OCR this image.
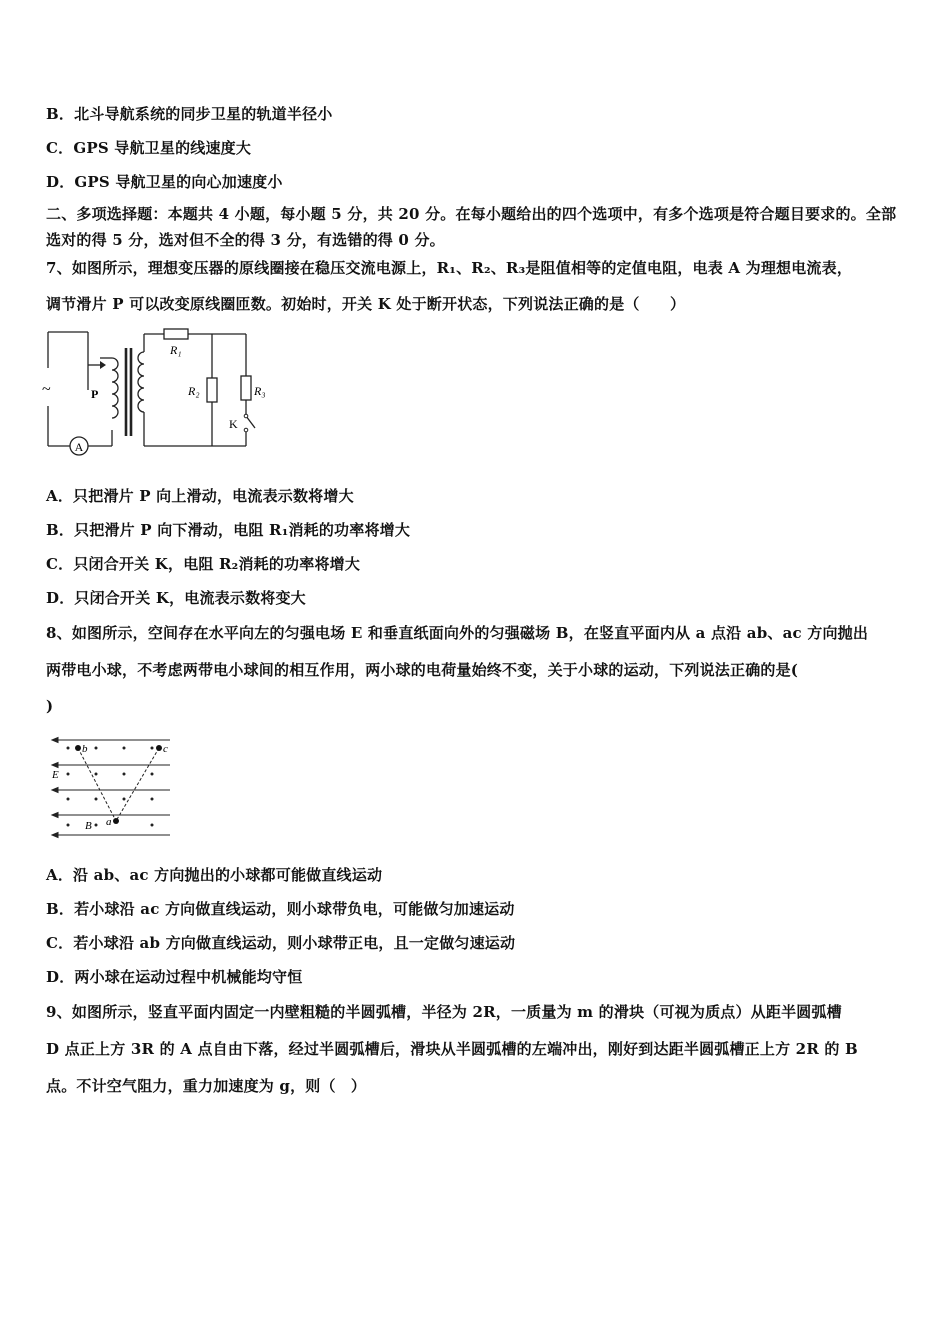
B．北斗导航系统的同步卫星的轨道半径小
C．GPS 导航卫星的线速度大
D．GPS 导航卫星的向心加速度小
二、多项选择题：本题共 4 小题，每小题 5 分，共 20 分。在每小题给出的四个选项中，有多个选项是符合题目要求的。全部选对的得 5 分，选对但不全的得 3 分，有选错的得 0 分。
7、如图所示，理想变压器的原线圈接在稳压交流电源上，R₁、R₂、R₃是阻值相等的定值电阻，电表 A 为理想电流表，
调节滑片 P 可以改变原线圈匝数。初始时，开关 K 处于断开状态，下列说法正确的是（　　）
A
~	P
R₁
R₂	R₃
K
A．只把滑片 P 向上滑动，电流表示数将增大
B．只把滑片 P 向下滑动，电阻 R₁消耗的功率将增大
C．只闭合开关 K，电阻 R₂消耗的功率将增大
D．只闭合开关 K，电流表示数将变大
8、如图所示，空间存在水平向左的匀强电场 E 和垂直纸面向外的匀强磁场 B，在竖直平面内从 a 点沿 ab、ac 方向抛出
两带电小球，不考虑两带电小球间的相互作用，两小球的电荷量始终不变，关于小球的运动，下列说法正确的是(
)
b	c
a
E
B
A．沿 ab、ac 方向抛出的小球都可能做直线运动
B．若小球沿 ac 方向做直线运动，则小球带负电，可能做匀加速运动
C．若小球沿 ab 方向做直线运动，则小球带正电，且一定做匀速运动
D．两小球在运动过程中机械能均守恒
9、如图所示，竖直平面内固定一内壁粗糙的半圆弧槽，半径为 2R，一质量为 m 的滑块（可视为质点）从距半圆弧槽
D 点正上方 3R 的 A 点自由下落，经过半圆弧槽后，滑块从半圆弧槽的左端冲出，刚好到达距半圆弧槽正上方 2R 的 B
点。不计空气阻力，重力加速度为 g，则（　）
